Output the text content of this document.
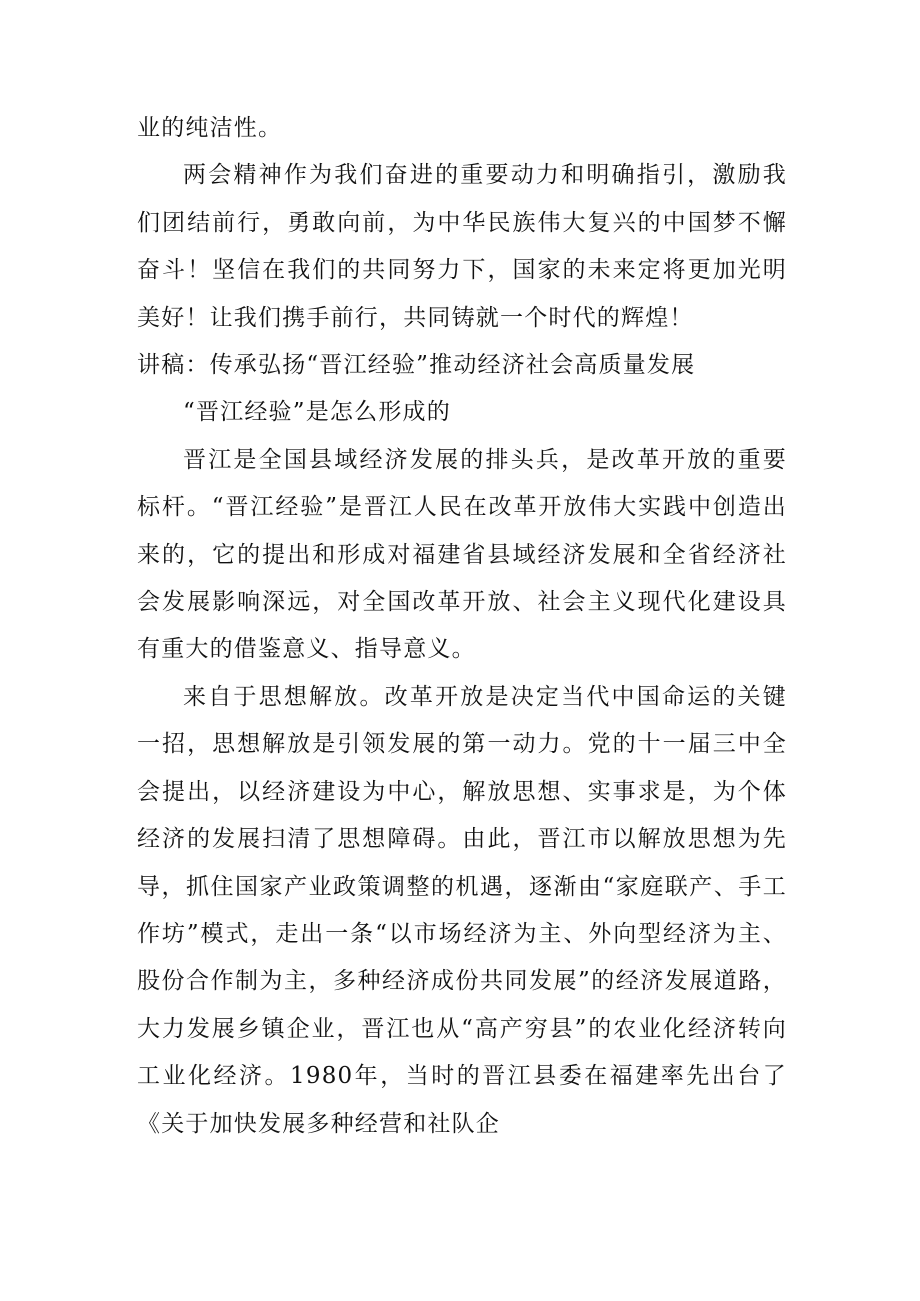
业的纯洁性。

两会精神作为我们奋进的重要动力和明确指引，激励我们团结前行，勇敢向前，为中华民族伟大复兴的中国梦不懈奋斗！坚信在我们的共同努力下，国家的未来定将更加光明美好！让我们携手前行，共同铸就一个时代的辉煌！

讲稿：传承弘扬“晋江经验”推动经济社会高质量发展

“晋江经验”是怎么形成的

晋江是全国县域经济发展的排头兵，是改革开放的重要标杆。“晋江经验”是晋江人民在改革开放伟大实践中创造出来的，它的提出和形成对福建省县域经济发展和全省经济社会发展影响深远，对全国改革开放、社会主义现代化建设具有重大的借鉴意义、指导意义。

来自于思想解放。改革开放是决定当代中国命运的关键一招，思想解放是引领发展的第一动力。党的十一届三中全会提出，以经济建设为中心，解放思想、实事求是，为个体经济的发展扫清了思想障碍。由此，晋江市以解放思想为先导，抓住国家产业政策调整的机遇，逐渐由“家庭联产、手工作坊”模式，走出一条“以市场经济为主、外向型经济为主、股份合作制为主，多种经济成份共同发展”的经济发展道路，大力发展乡镇企业，晋江也从“高产穷县”的农业化经济转向工业化经济。1980年，当时的晋江县委在福建率先出台了《关于加快发展多种经营和社队企
